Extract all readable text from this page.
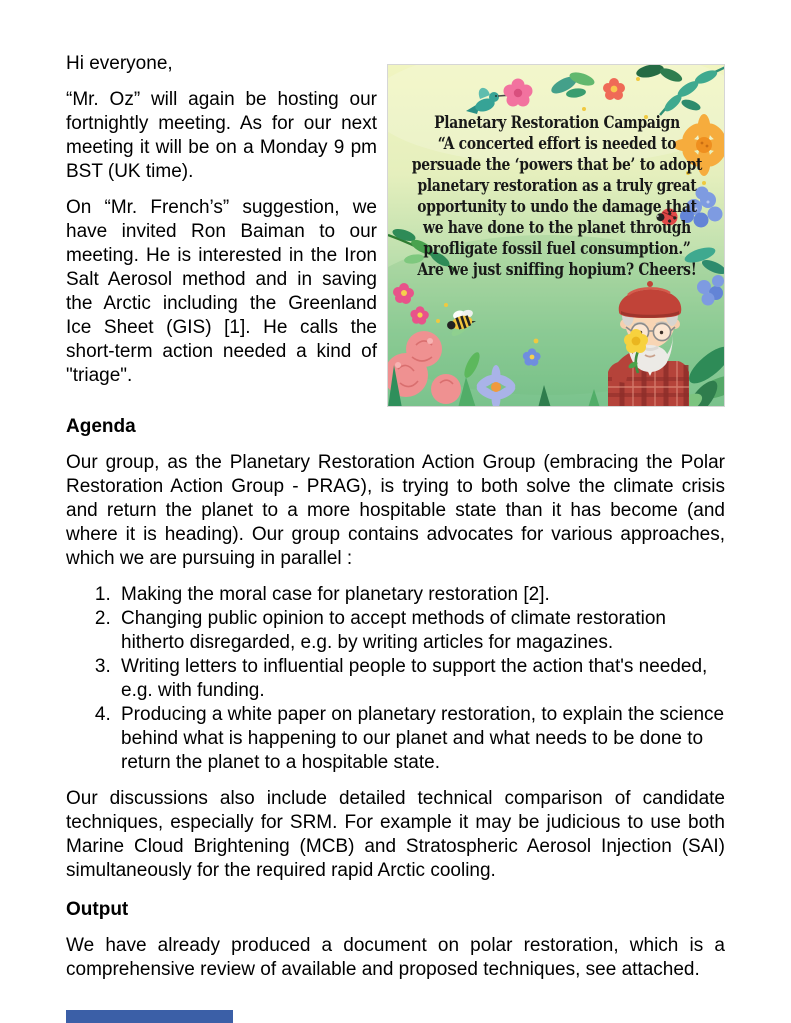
Planetary Restoration Campaign
“A concerted effort is needed to
persuade the ‘powers that be’ to adopt
planetary restoration as a truly great
opportunity to undo the damage that
we have done to the planet through
profligate fossil fuel consumption.”
Are we just sniffing hopium? Cheers!

Hi everyone,

“Mr. Oz” will again be hosting our fortnightly meeting. As for our next meeting it will be on a Monday 9 pm BST (UK time).

On “Mr. French’s” suggestion, we have invited Ron Baiman to our meeting. He is interested in the Iron Salt Aerosol method and in saving the Arctic including the Greenland Ice Sheet (GIS) [1]. He calls the short-term action needed a kind of "triage".

Agenda

Our group, as the Planetary Restoration Action Group (embracing the Polar Restoration Action Group - PRAG), is trying to both solve the climate crisis and return the planet to a more hospitable state than it has become (and where it is heading). Our group contains advocates for various approaches, which we are pursuing in parallel :

1. Making the moral case for planetary restoration [2].
2. Changing public opinion to accept methods of climate restoration hitherto disregarded, e.g. by writing articles for magazines.
3. Writing letters to influential people to support the action that's needed, e.g. with funding.
4. Producing a white paper on planetary restoration, to explain the science behind what is happening to our planet and what needs to be done to return the planet to a hospitable state.

Our discussions also include detailed technical comparison of candidate techniques, especially for SRM. For example it may be judicious to use both Marine Cloud Brightening (MCB) and Stratospheric Aerosol Injection (SAI) simultaneously for the required rapid Arctic cooling.

Output

We have already produced a document on polar restoration, which is a comprehensive review of available and proposed techniques, see attached.
